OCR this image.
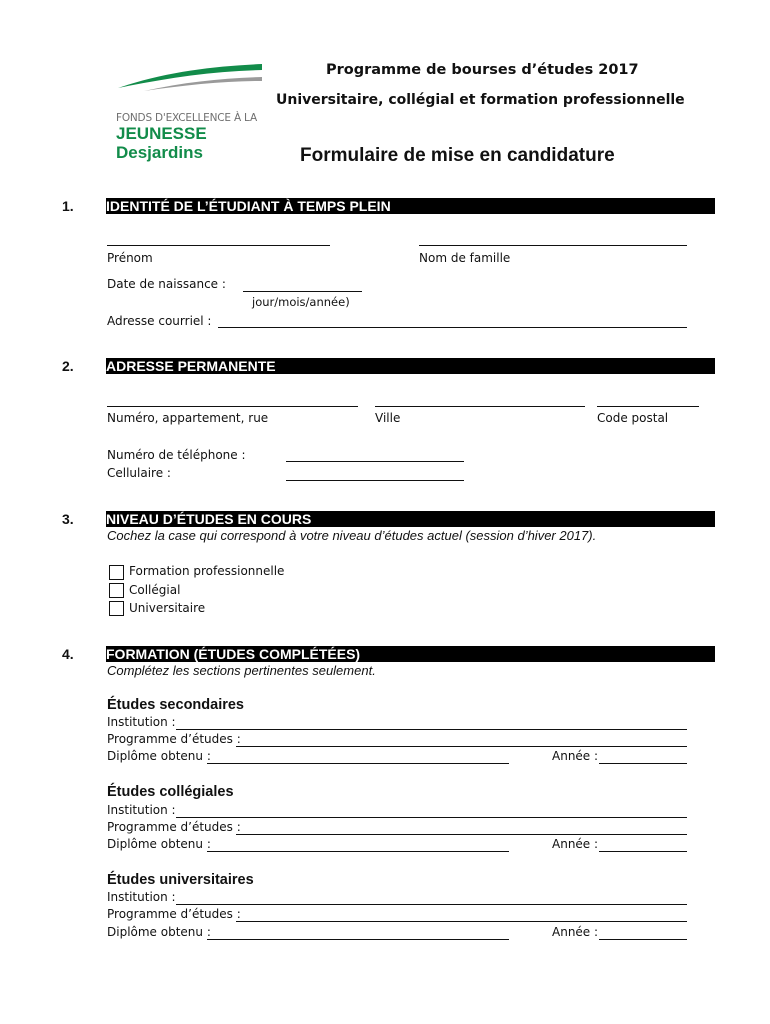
FONDS D'EXCELLENCE À LA
JEUNESSE
Desjardins
Programme de bourses d’études 2017
Universitaire, collégial et formation professionnelle
Formulaire de mise en candidature
1.	IDENTITÉ DE L’ÉTUDIANT À TEMPS PLEIN
Prénom	Nom de famille
Date de naissance :
jour/mois/année)
Adresse courriel :
2.	ADRESSE PERMANENTE
Numéro, appartement, rue	Ville	Code postal
Numéro de téléphone :
Cellulaire :
3.	NIVEAU D’ÉTUDES EN COURS
Cochez la case qui correspond à votre niveau d’études actuel (session d’hiver 2017).
Formation professionnelle
Collégial
Universitaire
4.	FORMATION (ÉTUDES COMPLÉTÉES)
Complétez les sections pertinentes seulement.
Études secondaires
Institution :
Programme d’études :
Diplôme obtenu :	Année :
Études collégiales
Institution :
Programme d’études :
Diplôme obtenu :	Année :
Études universitaires
Institution :
Programme d’études :
Diplôme obtenu :	Année :
